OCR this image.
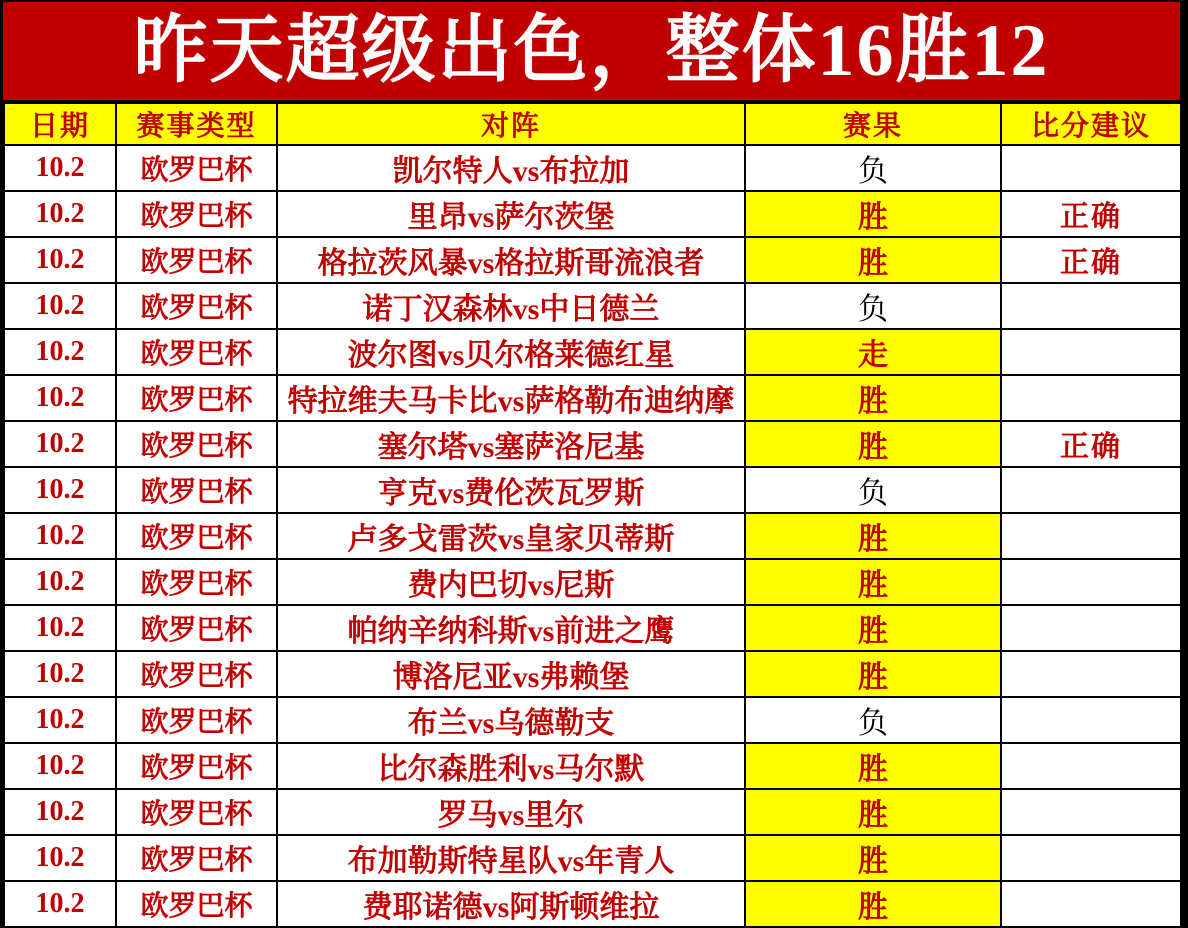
昨天超级出色，整体16胜12
日期	赛事类型	对阵	赛果	比分建议
10.2	欧罗巴杯	凯尔特人vs布拉加	负	
10.2	欧罗巴杯	里昂vs萨尔茨堡	胜	正确
10.2	欧罗巴杯	格拉茨风暴vs格拉斯哥流浪者	胜	正确
10.2	欧罗巴杯	诺丁汉森林vs中日德兰	负	
10.2	欧罗巴杯	波尔图vs贝尔格莱德红星	走	
10.2	欧罗巴杯	特拉维夫马卡比vs萨格勒布迪纳摩	胜	
10.2	欧罗巴杯	塞尔塔vs塞萨洛尼基	胜	正确
10.2	欧罗巴杯	亨克vs费伦茨瓦罗斯	负	
10.2	欧罗巴杯	卢多戈雷茨vs皇家贝蒂斯	胜	
10.2	欧罗巴杯	费内巴切vs尼斯	胜	
10.2	欧罗巴杯	帕纳辛纳科斯vs前进之鹰	胜	
10.2	欧罗巴杯	博洛尼亚vs弗赖堡	胜	
10.2	欧罗巴杯	布兰vs乌德勒支	负	
10.2	欧罗巴杯	比尔森胜利vs马尔默	胜	
10.2	欧罗巴杯	罗马vs里尔	胜	
10.2	欧罗巴杯	布加勒斯特星队vs年青人	胜	
10.2	欧罗巴杯	费耶诺德vs阿斯顿维拉	胜	
